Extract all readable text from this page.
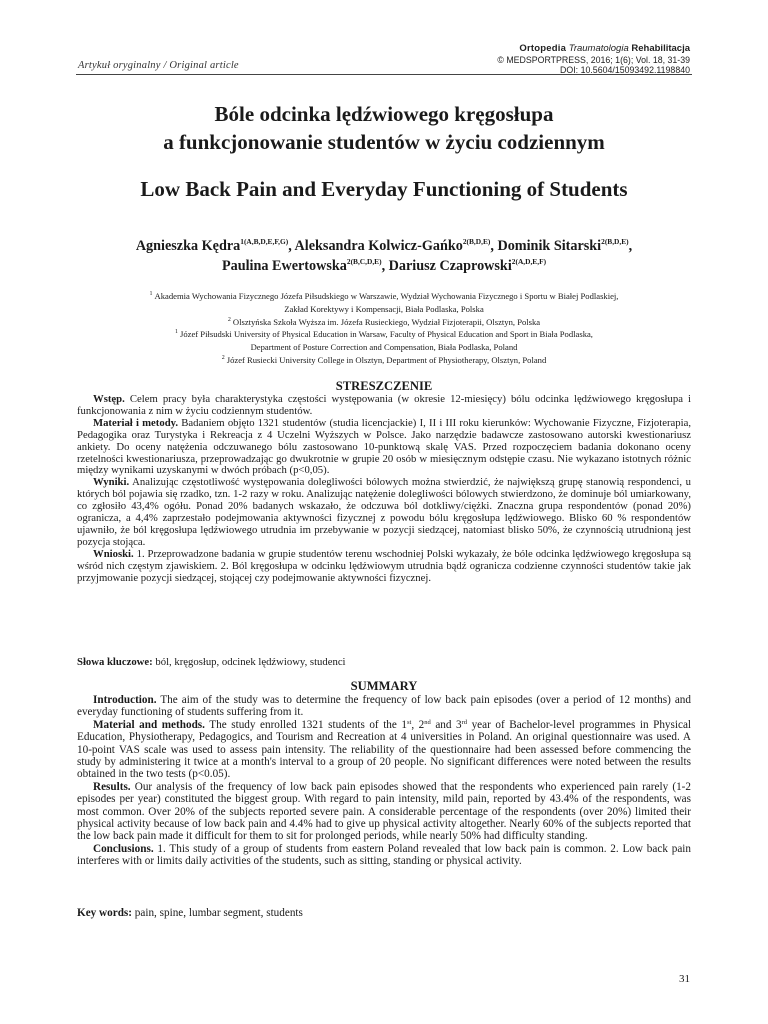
Artykuł oryginalny / Original article
Ortopedia Traumatologia Rehabilitacja
© MEDSPORTPRESS, 2016; 1(6); Vol. 18, 31-39
DOI: 10.5604/15093492.1198840
Bóle odcinka lędźwiowego kręgosłupa
a funkcjonowanie studentów w życiu codziennym
Low Back Pain and Everyday Functioning of Students
Agnieszka Kędra$^{1(A,B,D,E,F,G)}$, Aleksandra Kolwicz-Gańko$^{2(B,D,E)}$, Dominik Sitarski$^{2(B,D,E)}$,
Paulina Ewertowska$^{2(B,C,D,E)}$, Dariusz Czaprowski$^{2(A,D,E,F)}$
$^1$ Akademia Wychowania Fizycznego Józefa Piłsudskiego w Warszawie, Wydział Wychowania Fizycznego i Sportu w Białej Podlaskiej,
Zakład Korektywy i Kompensacji, Biała Podlaska, Polska
$^2$ Olsztyńska Szkoła Wyższa im. Józefa Rusieckiego, Wydział Fizjoterapii, Olsztyn, Polska
$^1$ Józef Piłsudski University of Physical Education in Warsaw, Faculty of Physical Education and Sport in Biała Podlaska,
Department of Posture Correction and Compensation, Biała Podlaska, Poland
$^2$ Józef Rusiecki University College in Olsztyn, Department of Physiotherapy, Olsztyn, Poland
STRESZCZENIE

Wstęp. Celem pracy była charakterystyka częstości występowania (w okresie 12-miesięcy) bólu odcinka lędźwiowego kręgosłupa i funkcjonowania z nim w życiu codziennym studentów.

Materiał i metody. Badaniem objęto 1321 studentów (studia licencjackie) I, II i III roku kierunków: Wychowanie Fizyczne, Fizjoterapia, Pedagogika oraz Turystyka i Rekreacja z 4 Uczelni Wyższych w Polsce. Jako narzędzie badawcze zastosowano autorski kwestionariusz ankiety. Do oceny natężenia odczuwanego bólu zastosowano 10-punktową skalę VAS. Przed rozpoczęciem badania dokonano oceny rzetelności kwestionariusza, przeprowadzając go dwukrotnie w grupie 20 osób w miesięcznym odstępie czasu. Nie wykazano istotnych różnic między wynikami uzyskanymi w dwóch próbach (p<0,05).

Wyniki. Analizując częstotliwość występowania dolegliwości bólowych można stwierdzić, że największą grupę stanowią respondenci, u których ból pojawia się rzadko, tzn. 1-2 razy w roku. Analizując natężenie dolegliwości bólowych stwierdzono, że dominuje ból umiarkowany, co zgłosiło 43,4% ogółu. Ponad 20% badanych wskazało, że odczuwa ból dotkliwy/ciężki. Znaczna grupa respondentów (ponad 20%) ogranicza, a 4,4% zaprzestało podejmowania aktywności fizycznej z powodu bólu kręgosłupa lędźwiowego. Blisko 60 % respondentów ujawniło, że ból kręgosłupa lędźwiowego utrudnia im przebywanie w pozycji siedzącej, natomiast blisko 50%, że czynnością utrudnioną jest pozycja stojąca.

Wnioski. 1. Przeprowadzone badania w grupie studentów terenu wschodniej Polski wykazały, że bóle odcinka lędźwiowego kręgosłupa są wśród nich częstym zjawiskiem. 2. Ból kręgosłupa w odcinku lędźwiowym utrudnia bądź ogranicza codzienne czynności studentów takie jak przyjmowanie pozycji siedzącej, stojącej czy podejmowanie aktywności fizycznej.

Słowa kluczowe: ból, kręgosłup, odcinek lędźwiowy, studenci
SUMMARY

Introduction. The aim of the study was to determine the frequency of low back pain episodes (over a period of 12 months) and everyday functioning of students suffering from it.

Material and methods. The study enrolled 1321 students of the 1st, 2nd and 3rd year of Bachelor-level programmes in Physical Education, Physiotherapy, Pedagogics, and Tourism and Recreation at 4 universities in Poland. An original questionnaire was used. A 10-point VAS scale was used to assess pain intensity. The reliability of the questionnaire had been assessed before commencing the study by administering it twice at a month's interval to a group of 20 people. No significant differences were noted between the results obtained in the two tests (p<0.05).

Results. Our analysis of the frequency of low back pain episodes showed that the respondents who experienced pain rarely (1-2 episodes per year) constituted the biggest group. With regard to pain intensity, mild pain, reported by 43.4% of the respondents, was most common. Over 20% of the subjects reported severe pain. A considerable percentage of the respondents (over 20%) limited their physical activity because of low back pain and 4.4% had to give up physical activity altogether. Nearly 60% of the subjects reported that the low back pain made it difficult for them to sit for prolonged periods, while nearly 50% had difficulty standing.

Conclusions. 1. This study of a group of students from eastern Poland revealed that low back pain is common. 2. Low back pain interferes with or limits daily activities of the students, such as sitting, standing or physical activity.

Key words: pain, spine, lumbar segment, students
31
